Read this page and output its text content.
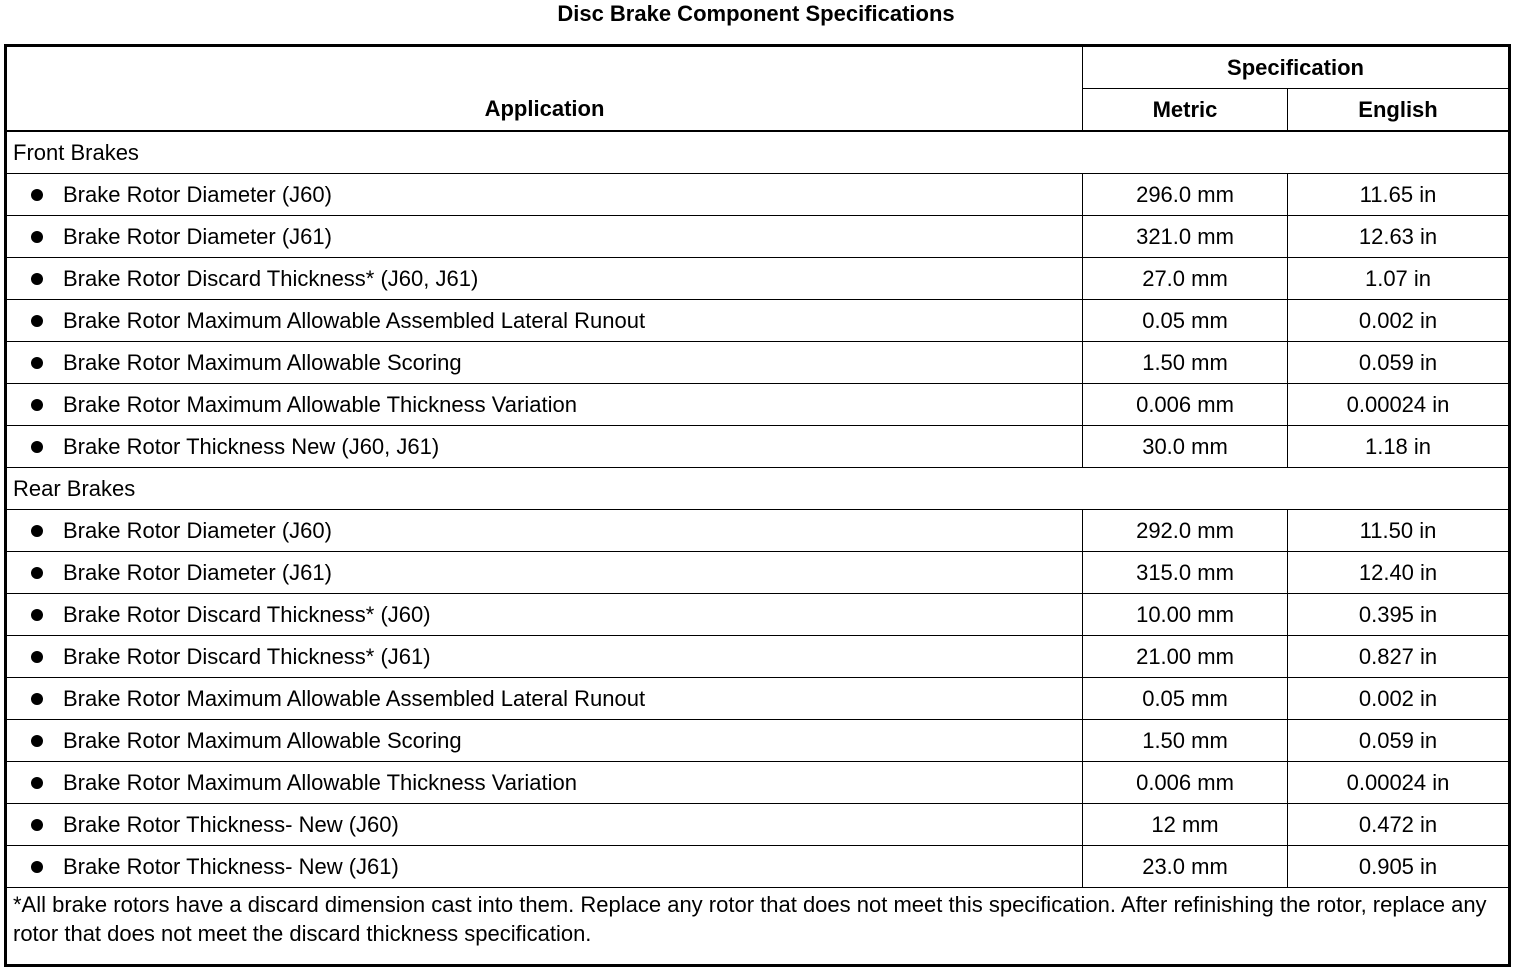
Disc Brake Component Specifications
Application	Specification	
	Metric	English
Front Brakes		
Brake Rotor Diameter (J60)	296.0 mm	11.65 in
Brake Rotor Diameter (J61)	321.0 mm	12.63 in
Brake Rotor Discard Thickness* (J60, J61)	27.0 mm	1.07 in
Brake Rotor Maximum Allowable Assembled Lateral Runout	0.05 mm	0.002 in
Brake Rotor Maximum Allowable Scoring	1.50 mm	0.059 in
Brake Rotor Maximum Allowable Thickness Variation	0.006 mm	0.00024 in
Brake Rotor Thickness New (J60, J61)	30.0 mm	1.18 in
Rear Brakes		
Brake Rotor Diameter (J60)	292.0 mm	11.50 in
Brake Rotor Diameter (J61)	315.0 mm	12.40 in
Brake Rotor Discard Thickness* (J60)	10.00 mm	0.395 in
Brake Rotor Discard Thickness* (J61)	21.00 mm	0.827 in
Brake Rotor Maximum Allowable Assembled Lateral Runout	0.05 mm	0.002 in
Brake Rotor Maximum Allowable Scoring	1.50 mm	0.059 in
Brake Rotor Maximum Allowable Thickness Variation	0.006 mm	0.00024 in
Brake Rotor Thickness- New (J60)	12 mm	0.472 in
Brake Rotor Thickness- New (J61)	23.0 mm	0.905 in
*All brake rotors have a discard dimension cast into them. Replace any rotor that does not meet this specification. After refinishing the rotor, replace any rotor that does not meet the discard thickness specification.		
